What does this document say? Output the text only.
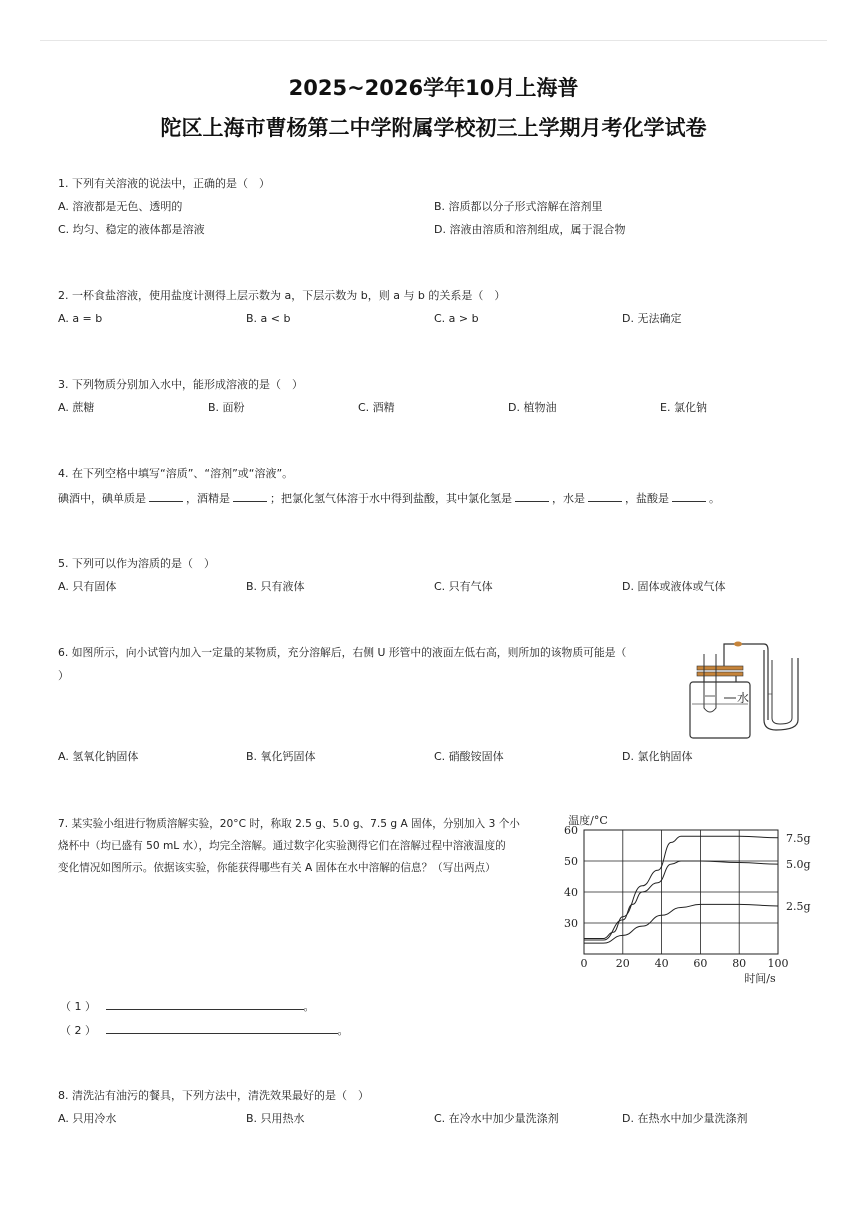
2025~2026学年10月上海普
陀区上海市曹杨第二中学附属学校初三上学期月考化学试卷
1. 下列有关溶液的说法中，正确的是（　）
A. 溶液都是无色、透明的	B. 溶质都以分子形式溶解在溶剂里
C. 均匀、稳定的液体都是溶液	D. 溶液由溶质和溶剂组成，属于混合物
2. 一杯食盐溶液，使用盐度计测得上层示数为 a，下层示数为 b，则 a 与 b 的关系是（　）
A. a = b	B. a < b	C. a > b	D. 无法确定
3. 下列物质分别加入水中，能形成溶液的是（　）
A. 蔗糖	B. 面粉	C. 酒精	D. 植物油	E. 氯化钠
4. 在下列空格中填写“溶质”、“溶剂”或“溶液”。
碘酒中，碘单质是	，酒精是	；把氯化氢气体溶于水中得到盐酸，其中氯化氢是	，水是	，盐酸是	。
5. 下列可以作为溶质的是（　）
A. 只有固体	B. 只有液体	C. 只有气体	D. 固体或液体或气体
6. 如图所示，向小试管内加入一定量的某物质，充分溶解后，右侧 U 形管中的液面左低右高，则所加的该物质可能是（
）
水
A. 氢氧化钠固体	B. 氧化钙固体	C. 硝酸铵固体	D. 氯化钠固体
7. 某实验小组进行物质溶解实验，20°C 时，称取 2.5 g、5.0 g、7.5 g A 固体，分别加入 3 个小
烧杯中（均已盛有 50 mL 水），均完全溶解。通过数字化实验测得它们在溶解过程中溶液温度的
变化情况如图所示。依据该实验，你能获得哪些有关 A 固体在水中溶解的信息？（写出两点）
0	20 40 60 80 100
30
40
50
60
温度/°C
时间/s
7.5g
5.0g
2.5g
（ 1 ）	。
（ 2 ）	。
8. 清洗沾有油污的餐具，下列方法中，清洗效果最好的是（　）
A. 只用冷水	B. 只用热水	C. 在冷水中加少量洗涤剂	D. 在热水中加少量洗涤剂
